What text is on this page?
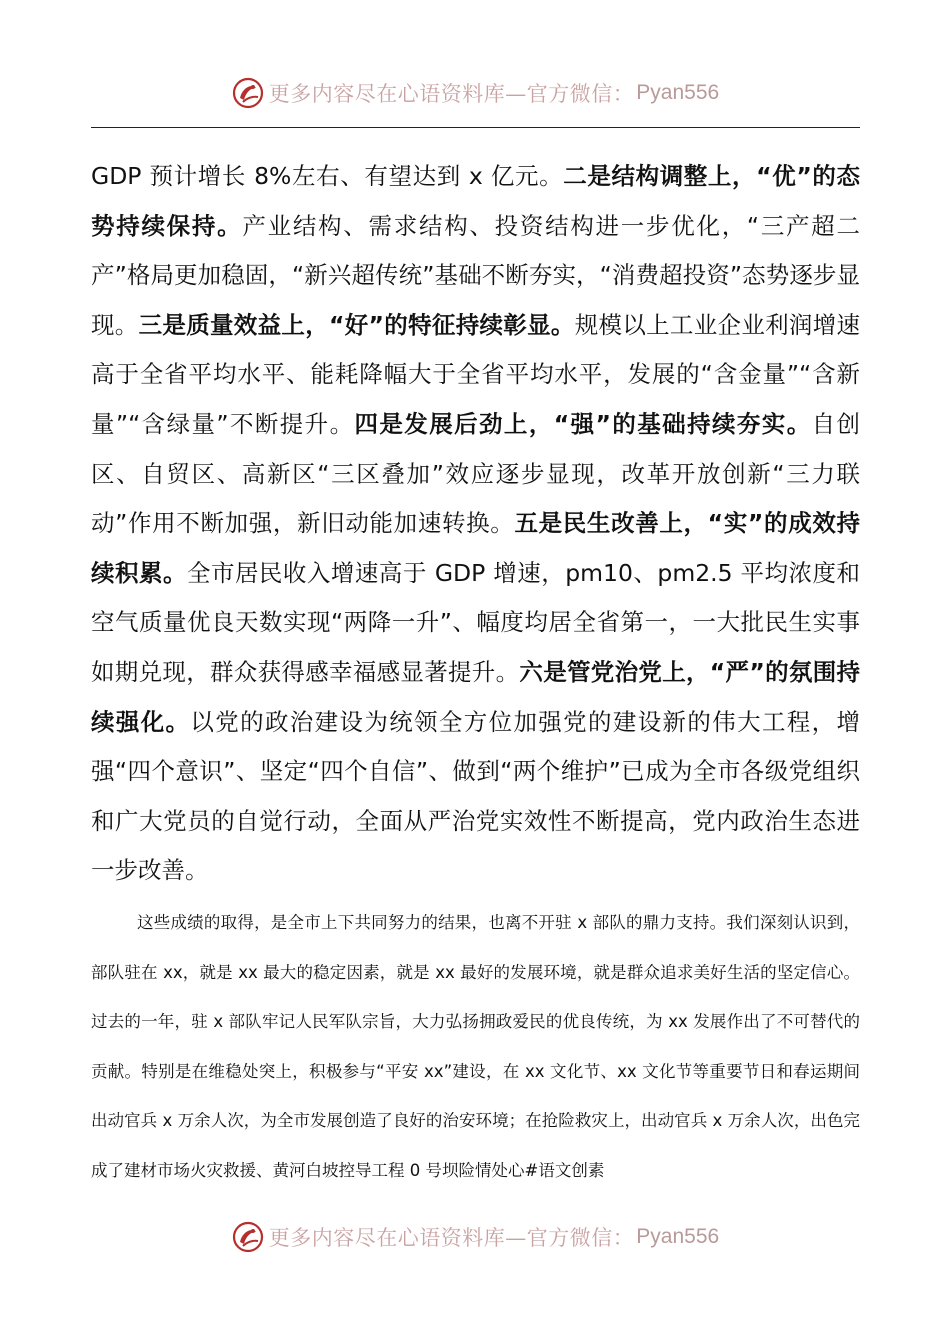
更多内容尽在心语资料库—官方微信： Pyan556

GDP 预计增长 8%左右、有望达到 x 亿元。二是结构调整上，“优”的态势持续保持。产业结构、需求结构、投资结构进一步优化，“三产超二产”格局更加稳固，“新兴超传统”基础不断夯实，“消费超投资”态势逐步显现。三是质量效益上，“好”的特征持续彰显。规模以上工业企业利润增速高于全省平均水平、能耗降幅大于全省平均水平，发展的“含金量”“含新量”“含绿量”不断提升。四是发展后劲上，“强”的基础持续夯实。自创区、自贸区、高新区“三区叠加”效应逐步显现，改革开放创新“三力联动”作用不断加强，新旧动能加速转换。五是民生改善上，“实”的成效持续积累。全市居民收入增速高于 GDP 增速，pm10、pm2.5 平均浓度和空气质量优良天数实现“两降一升”、幅度均居全省第一，一大批民生实事如期兑现，群众获得感幸福感显著提升。六是管党治党上，“严”的氛围持续强化。以党的政治建设为统领全方位加强党的建设新的伟大工程，增强“四个意识”、坚定“四个自信”、做到“两个维护”已成为全市各级党组织和广大党员的自觉行动，全面从严治党实效性不断提高，党内政治生态进一步改善。

这些成绩的取得，是全市上下共同努力的结果，也离不开驻 x 部队的鼎力支持。我们深刻认识到，部队驻在 xx，就是 xx 最大的稳定因素，就是 xx 最好的发展环境，就是群众追求美好生活的坚定信心。过去的一年，驻 x 部队牢记人民军队宗旨，大力弘扬拥政爱民的优良传统，为 xx 发展作出了不可替代的贡献。特别是在维稳处突上，积极参与“平安 xx”建设，在 xx 文化节、xx 文化节等重要节日和春运期间出动官兵 x 万余人次，为全市发展创造了良好的治安环境；在抢险救灾上，出动官兵 x 万余人次，出色完成了建材市场火灾救援、黄河白坡控导工程 0 号坝险情处心#语文创素

更多内容尽在心语资料库—官方微信： Pyan556
